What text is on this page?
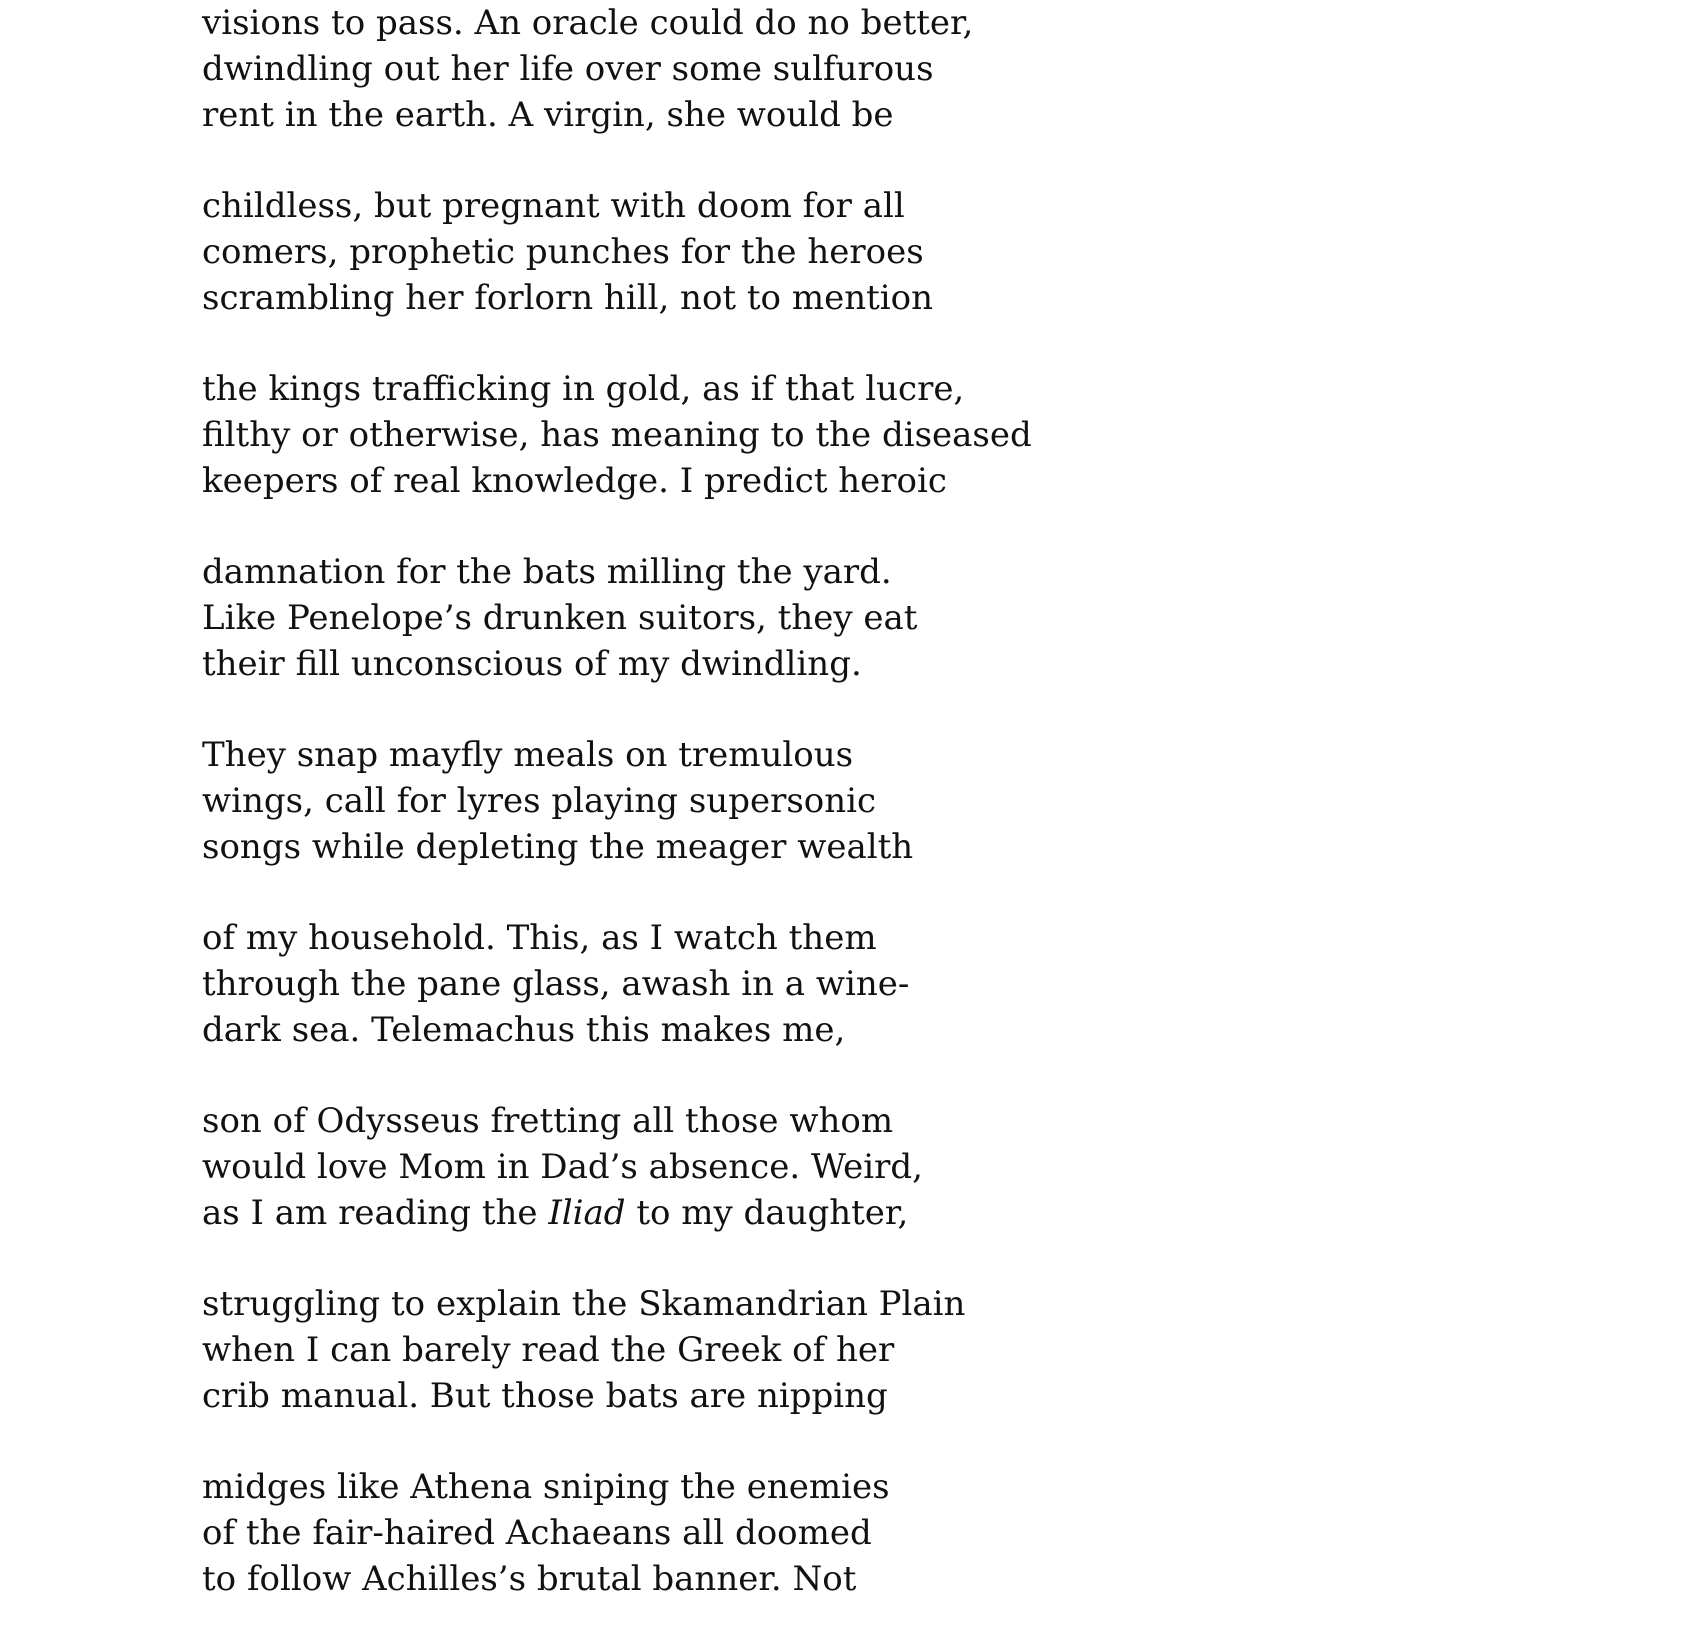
visions to pass. An oracle could do no better,
dwindling out her life over some sulfurous
rent in the earth. A virgin, she would be
childless, but pregnant with doom for all
comers, prophetic punches for the heroes
scrambling her forlorn hill, not to mention
the kings trafficking in gold, as if that lucre,
filthy or otherwise, has meaning to the diseased
keepers of real knowledge. I predict heroic
damnation for the bats milling the yard.
Like Penelope’s drunken suitors, they eat
their fill unconscious of my dwindling.
They snap mayfly meals on tremulous
wings, call for lyres playing supersonic
songs while depleting the meager wealth
of my household. This, as I watch them
through the pane glass, awash in a wine-
dark sea. Telemachus this makes me,
son of Odysseus fretting all those whom
would love Mom in Dad’s absence. Weird,
as I am reading the Iliad to my daughter,
struggling to explain the Skamandrian Plain
when I can barely read the Greek of her
crib manual. But those bats are nipping
midges like Athena sniping the enemies
of the fair-haired Achaeans all doomed
to follow Achilles’s brutal banner. Not
